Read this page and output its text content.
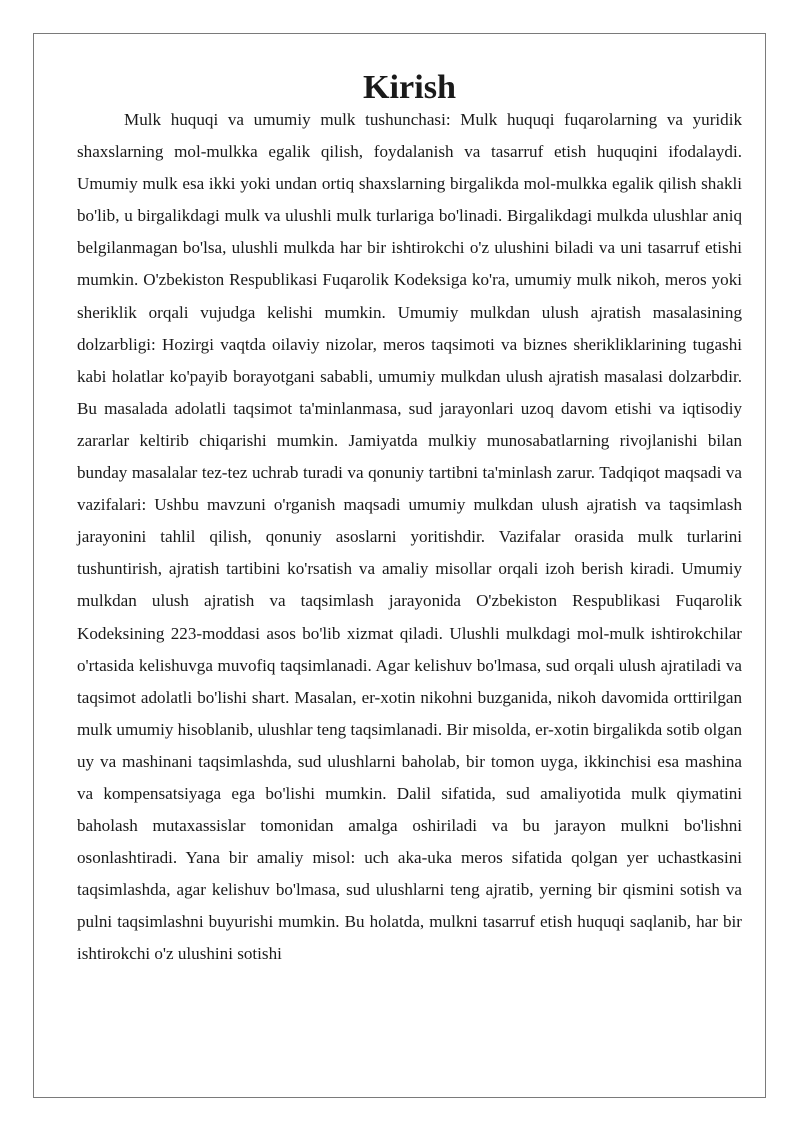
Kirish

Mulk huquqi va umumiy mulk tushunchasi: Mulk huquqi fuqarolarning va yuridik shaxslarning mol-mulkka egalik qilish, foydalanish va tasarruf etish huquqini ifodalaydi. Umumiy mulk esa ikki yoki undan ortiq shaxslarning birgalikda mol-mulkka egalik qilish shakli bo'lib, u birgalikdagi mulk va ulushli mulk turlariga bo'linadi. Birgalikdagi mulkda ulushlar aniq belgilanmagan bo'lsa, ulushli mulkda har bir ishtirokchi o'z ulushini biladi va uni tasarruf etishi mumkin. O'zbekiston Respublikasi Fuqarolik Kodeksiga ko'ra, umumiy mulk nikoh, meros yoki sheriklik orqali vujudga kelishi mumkin. Umumiy mulkdan ulush ajratish masalasining dolzarbligi: Hozirgi vaqtda oilaviy nizolar, meros taqsimoti va biznes sherikliklarining tugashi kabi holatlar ko'payib borayotgani sababli, umumiy mulkdan ulush ajratish masalasi dolzarbdir. Bu masalada adolatli taqsimot ta'minlanmasa, sud jarayonlari uzoq davom etishi va iqtisodiy zararlar keltirib chiqarishi mumkin. Jamiyatda mulkiy munosabatlarning rivojlanishi bilan bunday masalalar tez-tez uchrab turadi va qonuniy tartibni ta'minlash zarur. Tadqiqot maqsadi va vazifalari: Ushbu mavzuni o'rganish maqsadi umumiy mulkdan ulush ajratish va taqsimlash jarayonini tahlil qilish, qonuniy asoslarni yoritishdir. Vazifalar orasida mulk turlarini tushuntirish, ajratish tartibini ko'rsatish va amaliy misollar orqali izoh berish kiradi. Umumiy mulkdan ulush ajratish va taqsimlash jarayonida O'zbekiston Respublikasi Fuqarolik Kodeksining 223-moddasi asos bo'lib xizmat qiladi. Ulushli mulkdagi mol-mulk ishtirokchilar o'rtasida kelishuvga muvofiq taqsimlanadi. Agar kelishuv bo'lmasa, sud orqali ulush ajratiladi va taqsimot adolatli bo'lishi shart. Masalan, er-xotin nikohni buzganida, nikoh davomida orttirilgan mulk umumiy hisoblanib, ulushlar teng taqsimlanadi. Bir misolda, er-xotin birgalikda sotib olgan uy va mashinani taqsimlashda, sud ulushlarni baholab, bir tomon uyga, ikkinchisi esa mashina va kompensatsiyaga ega bo'lishi mumkin. Dalil sifatida, sud amaliyotida mulk qiymatini baholash mutaxassislar tomonidan amalga oshiriladi va bu jarayon mulkni bo'lishni osonlashtiradi. Yana bir amaliy misol: uch aka-uka meros sifatida qolgan yer uchastkasini taqsimlashda, agar kelishuv bo'lmasa, sud ulushlarni teng ajratib, yerning bir qismini sotish va pulni taqsimlashni buyurishi mumkin. Bu holatda, mulkni tasarruf etish huquqi saqlanib, har bir ishtirokchi o'z ulushini sotishi
